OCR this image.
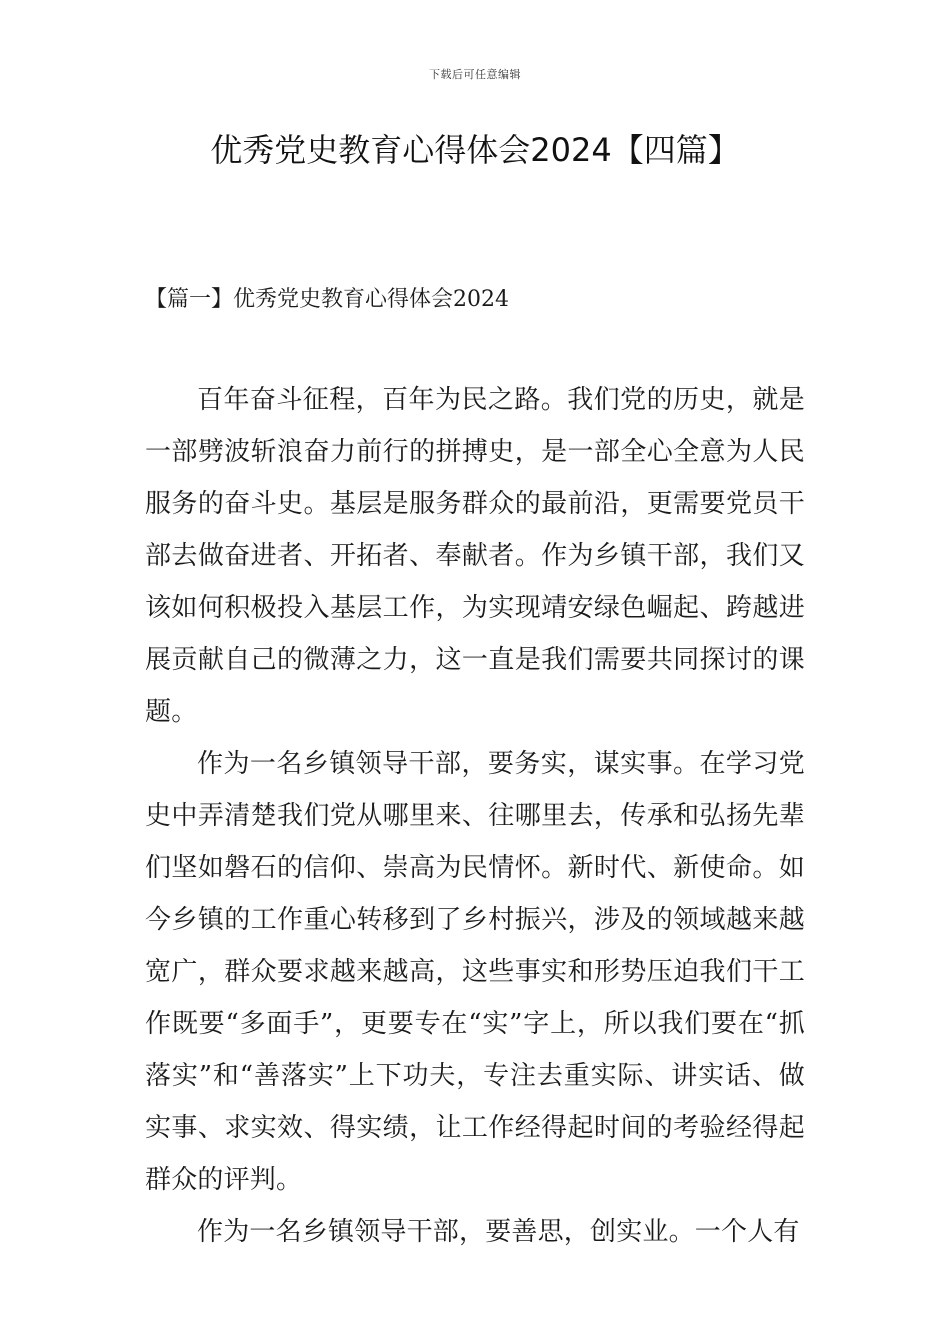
下载后可任意编辑
优秀党史教育心得体会2024【四篇】
【篇一】优秀党史教育心得体会2024

百年奋斗征程，百年为民之路。我们党的历史，就是一部劈波斩浪奋力前行的拼搏史，是一部全心全意为人民服务的奋斗史。基层是服务群众的最前沿，更需要党员干部去做奋进者、开拓者、奉献者。作为乡镇干部，我们又该如何积极投入基层工作，为实现靖安绿色崛起、跨越进展贡献自己的微薄之力，这一直是我们需要共同探讨的课题。

作为一名乡镇领导干部，要务实，谋实事。在学习党史中弄清楚我们党从哪里来、往哪里去，传承和弘扬先辈们坚如磐石的信仰、崇高为民情怀。新时代、新使命。如今乡镇的工作重心转移到了乡村振兴，涉及的领域越来越宽广，群众要求越来越高，这些事实和形势压迫我们干工作既要“多面手”，更要专在“实”字上，所以我们要在“抓落实”和“善落实”上下功夫，专注去重实际、讲实话、做实事、求实效、得实绩，让工作经得起时间的考验经得起群众的评判。

作为一名乡镇领导干部，要善思，创实业。一个人有
